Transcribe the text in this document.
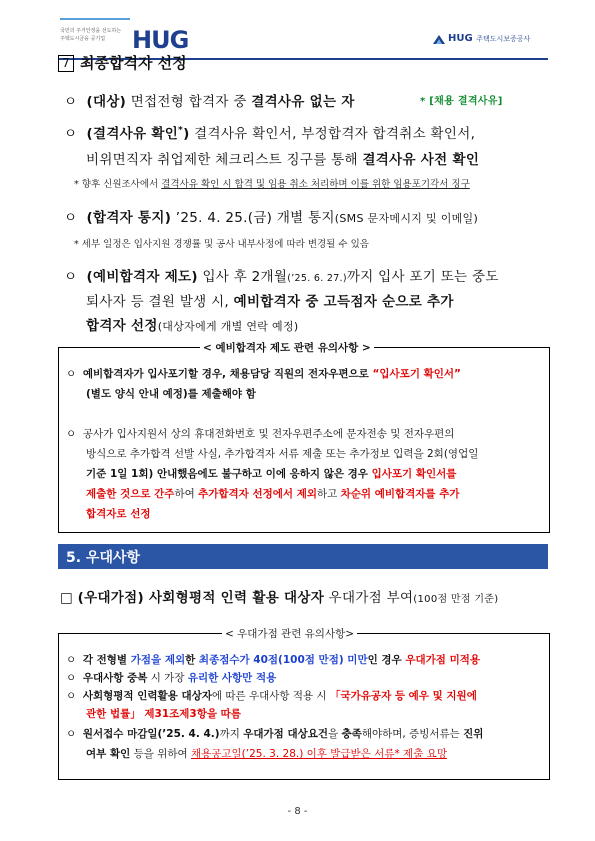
국민의 주거안정을 선도하는
주택도시금융 공기업 HUG	HUG 주택도시보증공사
7 최종합격자 선정
ㅇ (대상) 면접전형 합격자 중 결격사유 없는 자	* [채용 결격사유]
ㅇ (결격사유 확인*) 결격사유 확인서, 부정합격자 합격취소 확인서,
비위면직자 취업제한 체크리스트 징구를 통해 결격사유 사전 확인
* 향후 신원조사에서 결격사유 확인 시 합격 및 임용 취소 처리하며 이를 위한 임용포기각서 징구
ㅇ (합격자 통지) ’25. 4. 25.(금) 개별 통지(SMS 문자메시지 및 이메일)
* 세부 일정은 입사지원 경쟁률 및 공사 내부사정에 따라 변경될 수 있음
ㅇ (예비합격자 제도) 입사 후 2개월(’25. 6. 27.)까지 입사 포기 또는 중도
퇴사자 등 결원 발생 시, 예비합격자 중 고득점자 순으로 추가
합격자 선정(대상자에게 개별 연락 예정)
< 예비합격자 제도 관련 유의사항 >
ㅇ 예비합격자가 입사포기할 경우, 채용담당 직원의 전자우편으로 “입사포기 확인서”
(별도 양식 안내 예정)를 제출해야 함
ㅇ 공사가 입사지원서 상의 휴대전화번호 및 전자우편주소에 문자전송 및 전자우편의
방식으로 추가합격 선발 사실, 추가합격자 서류 제출 또는 추가정보 입력을 2회(영업일
기준 1일 1회) 안내했음에도 불구하고 이에 응하지 않은 경우 입사포기 확인서를
제출한 것으로 간주하여 추가합격자 선정에서 제외하고 차순위 예비합격자를 추가
합격자로 선정
5. 우대사항
□ (우대가점) 사회형평적 인력 활용 대상자 우대가점 부여(100점 만점 기준)
< 우대가점 관련 유의사항>
ㅇ 각 전형별 가점을 제외한 최종점수가 40점(100점 만점) 미만인 경우 우대가점 미적용
ㅇ 우대사항 중복 시 가장 유리한 사항만 적용
ㅇ 사회형평적 인력활용 대상자에 따른 우대사항 적용 시 「국가유공자 등 예우 및 지원에
관한 법률」 제31조제3항을 따름
ㅇ 원서접수 마감일(’25. 4. 4.)까지 우대가점 대상요건을 충족해야하며, 증빙서류는 진위
여부 확인 등을 위하여 채용공고일(’25. 3. 28.) 이후 발급받은 서류* 제출 요망
- 8 -
